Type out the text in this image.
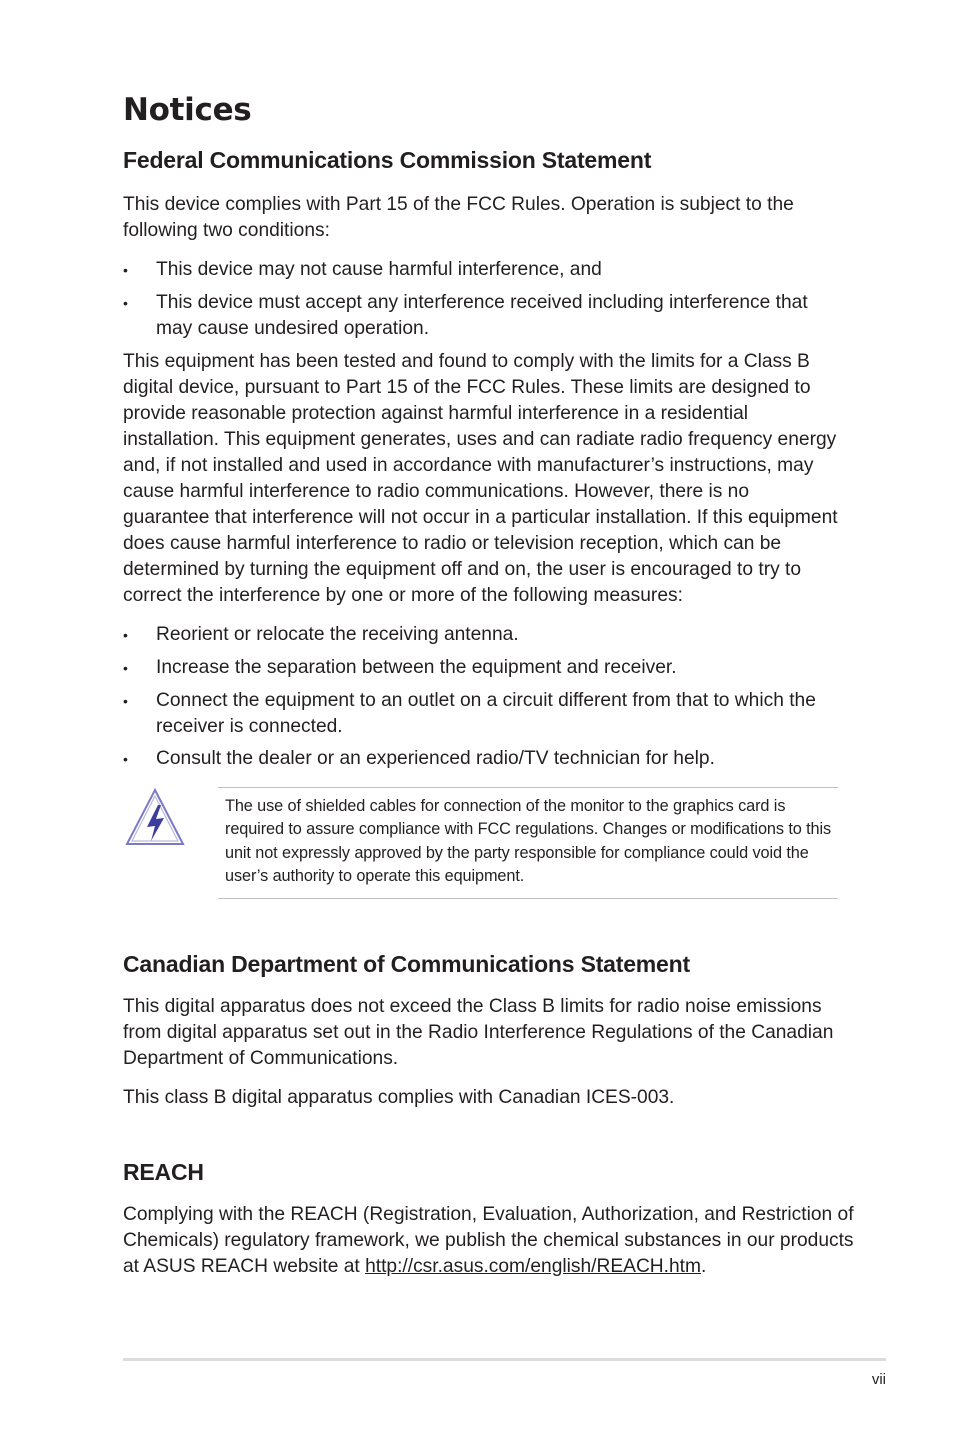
Notices
Federal Communications Commission Statement

This device complies with Part 15 of the FCC Rules. Operation is subject to the following two conditions:

• This device may not cause harmful interference, and
• This device must accept any interference received including interference that may cause undesired operation.

This equipment has been tested and found to comply with the limits for a Class B digital device, pursuant to Part 15 of the FCC Rules. These limits are designed to provide reasonable protection against harmful interference in a residential installation. This equipment generates, uses and can radiate radio frequency energy and, if not installed and used in accordance with manufacturer’s instructions, may cause harmful interference to radio communications. However, there is no guarantee that interference will not occur in a particular installation. If this equipment does cause harmful interference to radio or television reception, which can be determined by turning the equipment off and on, the user is encouraged to try to correct the interference by one or more of the following measures:

• Reorient or relocate the receiving antenna.
• Increase the separation between the equipment and receiver.
• Connect the equipment to an outlet on a circuit different from that to which the receiver is connected.
• Consult the dealer or an experienced radio/TV technician for help.

The use of shielded cables for connection of the monitor to the graphics card is required to assure compliance with FCC regulations. Changes or modifications to this unit not expressly approved by the party responsible for compliance could void the user’s authority to operate this equipment.

Canadian Department of Communications Statement

This digital apparatus does not exceed the Class B limits for radio noise emissions from digital apparatus set out in the Radio Interference Regulations of the Canadian Department of Communications.

This class B digital apparatus complies with Canadian ICES-003.

REACH

Complying with the REACH (Registration, Evaluation, Authorization, and Restriction of Chemicals) regulatory framework, we publish the chemical substances in our products at ASUS REACH website at http://csr.asus.com/english/REACH.htm.

vii
